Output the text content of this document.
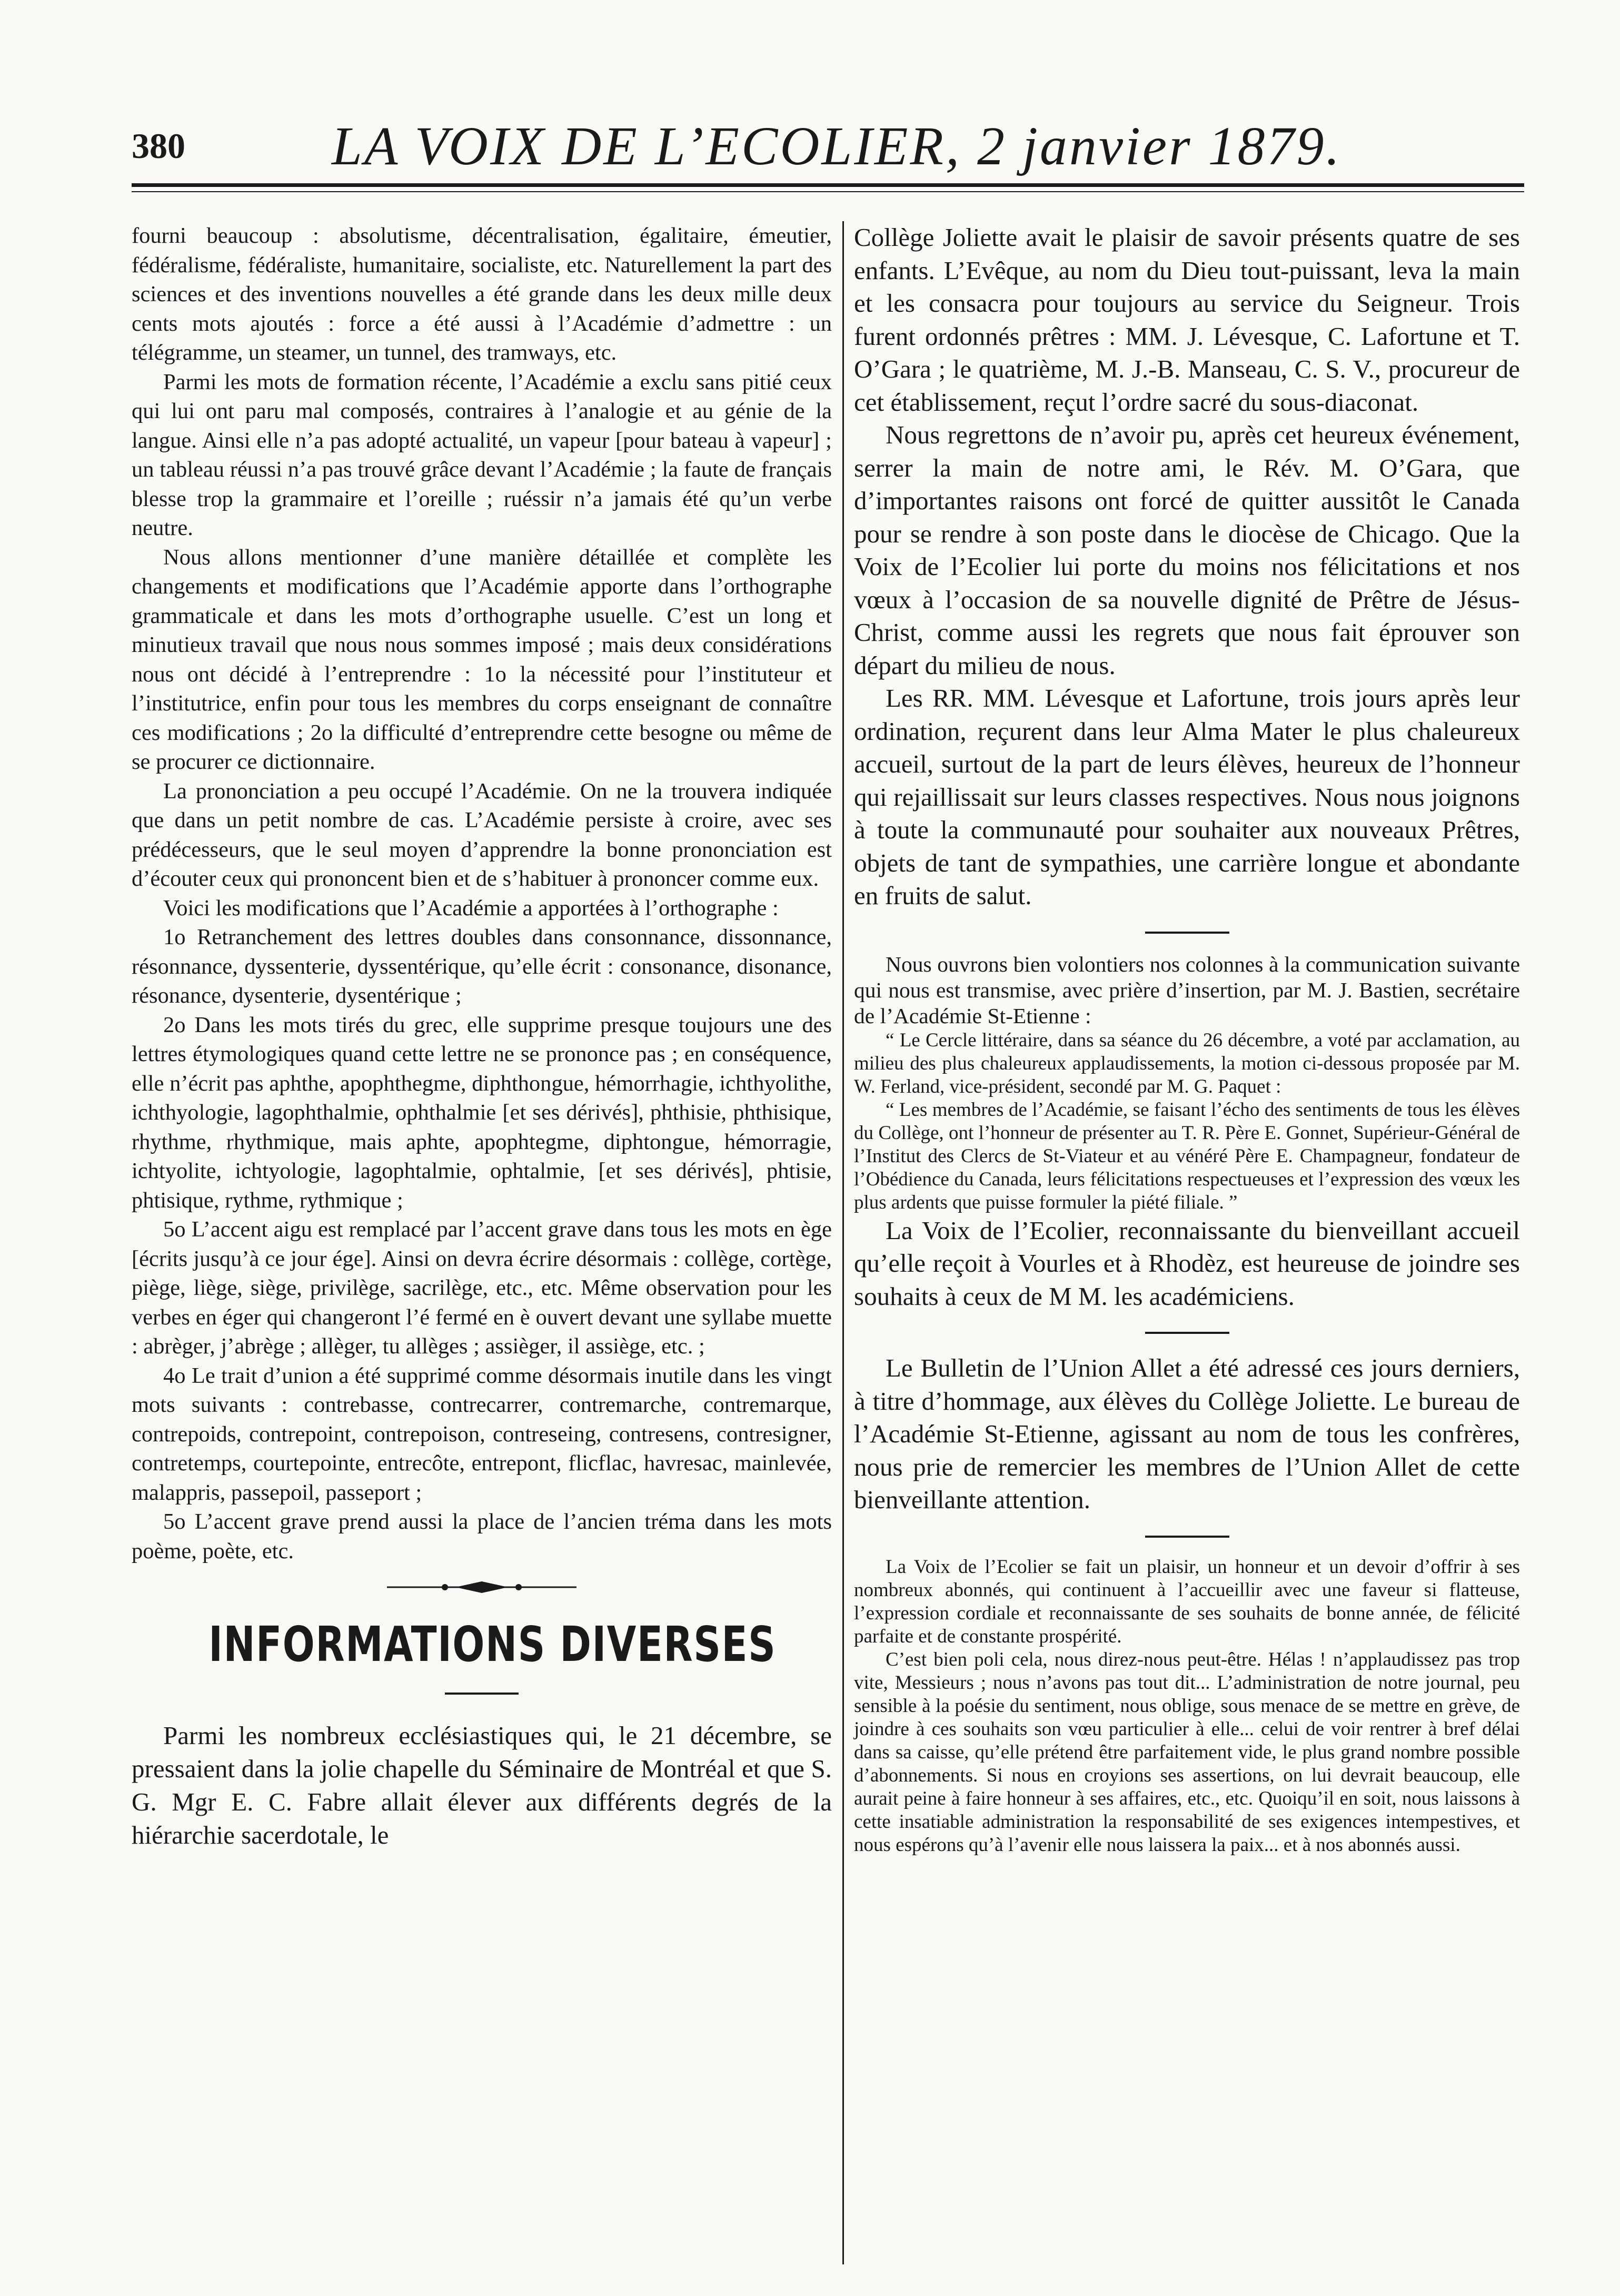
380	LA VOIX DE L’ECOLIER, 2 janvier 1879.

fourni beaucoup : absolutisme, décentralisation, égalitaire, émeutier, fédéralisme, fédéraliste, humanitaire, socialiste, etc. Naturellement la part des sciences et des inventions nouvelles a été grande dans les deux mille deux cents mots ajoutés : force a été aussi à l’Académie d’admettre : un télégramme, un steamer, un tunnel, des tramways, etc.

Parmi les mots de formation récente, l’Académie a exclu sans pitié ceux qui lui ont paru mal composés, contraires à l’analogie et au génie de la langue. Ainsi elle n’a pas adopté actualité, un vapeur [pour bateau à vapeur] ; un tableau réussi n’a pas trouvé grâce devant l’Académie ; la faute de français blesse trop la grammaire et l’oreille ; ruéssir n’a jamais été qu’un verbe neutre.

Nous allons mentionner d’une manière détaillée et complète les changements et modifications que l’Académie apporte dans l’orthographe grammaticale et dans les mots d’orthographe usuelle. C’est un long et minutieux travail que nous nous sommes imposé ; mais deux considérations nous ont décidé à l’entreprendre : 1o la nécessité pour l’instituteur et l’institutrice, enfin pour tous les membres du corps enseignant de connaître ces modifications ; 2o la difficulté d’entreprendre cette besogne ou même de se procurer ce dictionnaire.

La prononciation a peu occupé l’Académie. On ne la trouvera indiquée que dans un petit nombre de cas. L’Académie persiste à croire, avec ses prédécesseurs, que le seul moyen d’apprendre la bonne prononciation est d’écouter ceux qui prononcent bien et de s’habituer à prononcer comme eux.

Voici les modifications que l’Académie a apportées à l’orthographe :

1o Retranchement des lettres doubles dans consonnance, dissonnance, résonnance, dyssenterie, dyssentérique, qu’elle écrit : consonance, disonance, résonance, dysenterie, dysentérique ;

2o Dans les mots tirés du grec, elle supprime presque toujours une des lettres étymologiques quand cette lettre ne se prononce pas ; en conséquence, elle n’écrit pas aphthe, apophthegme, diphthongue, hémorrhagie, ichthyolithe, ichthyologie, lagophthalmie, ophthalmie [et ses dérivés], phthisie, phthisique, rhythme, rhythmique, mais aphte, apophtegme, diphtongue, hémorragie, ichtyolite, ichtyologie, lagophtalmie, ophtalmie, [et ses dérivés], phtisie, phtisique, rythme, rythmique ;

5o L’accent aigu est remplacé par l’accent grave dans tous les mots en ège [écrits jusqu’à ce jour ége]. Ainsi on devra écrire désormais : collège, cortège, piège, liège, siège, privilège, sacrilège, etc., etc. Même observation pour les verbes en éger qui changeront l’é fermé en è ouvert devant une syllabe muette : abrèger, j’abrège ; allèger, tu allèges ; assièger, il assiège, etc. ;

4o Le trait d’union a été supprimé comme désormais inutile dans les vingt mots suivants : contrebasse, contrecarrer, contremarche, contremarque, contrepoids, contrepoint, contrepoison, contreseing, contresens, contresigner, contretemps, courtepointe, entrecôte, entrepont, flicflac, havresac, mainlevée, malappris, passepoil, passeport ;

5o L’accent grave prend aussi la place de l’ancien tréma dans les mots poème, poète, etc.

INFORMATIONS DIVERSES

Parmi les nombreux ecclésiastiques qui, le 21 décembre, se pressaient dans la jolie chapelle du Séminaire de Montréal et que S. G. Mgr E. C. Fabre allait élever aux différents degrés de la hiérarchie sacerdotale, le

Collège Joliette avait le plaisir de savoir présents quatre de ses enfants. L’Evêque, au nom du Dieu tout-puissant, leva la main et les consacra pour toujours au service du Seigneur. Trois furent ordonnés prêtres : MM. J. Lévesque, C. Lafortune et T. O’Gara ; le quatrième, M. J.-B. Manseau, C. S. V., procureur de cet établissement, reçut l’ordre sacré du sous-diaconat.

Nous regrettons de n’avoir pu, après cet heureux événement, serrer la main de notre ami, le Rév. M. O’Gara, que d’importantes raisons ont forcé de quitter aussitôt le Canada pour se rendre à son poste dans le diocèse de Chicago. Que la Voix de l’Ecolier lui porte du moins nos félicitations et nos vœux à l’occasion de sa nouvelle dignité de Prêtre de Jésus-Christ, comme aussi les regrets que nous fait éprouver son départ du milieu de nous.

Les RR. MM. Lévesque et Lafortune, trois jours après leur ordination, reçurent dans leur Alma Mater le plus chaleureux accueil, surtout de la part de leurs élèves, heureux de l’honneur qui rejaillissait sur leurs classes respectives. Nous nous joignons à toute la communauté pour souhaiter aux nouveaux Prêtres, objets de tant de sympathies, une carrière longue et abondante en fruits de salut.

Nous ouvrons bien volontiers nos colonnes à la communication suivante qui nous est transmise, avec prière d’insertion, par M. J. Bastien, secrétaire de l’Académie St-Etienne :

“ Le Cercle littéraire, dans sa séance du 26 décembre, a voté par acclamation, au milieu des plus chaleureux applaudissements, la motion ci-dessous proposée par M. W. Ferland, vice-président, secondé par M. G. Paquet :

“ Les membres de l’Académie, se faisant l’écho des sentiments de tous les élèves du Collège, ont l’honneur de présenter au T. R. Père E. Gonnet, Supérieur-Général de l’Institut des Clercs de St-Viateur et au vénéré Père E. Champagneur, fondateur de l’Obédience du Canada, leurs félicitations respectueuses et l’expression des vœux les plus ardents que puisse formuler la piété filiale. ”

La Voix de l’Ecolier, reconnaissante du bienveillant accueil qu’elle reçoit à Vourles et à Rhodèz, est heureuse de joindre ses souhaits à ceux de M M. les académiciens.

Le Bulletin de l’Union Allet a été adressé ces jours derniers, à titre d’hommage, aux élèves du Collège Joliette. Le bureau de l’Académie St-Etienne, agissant au nom de tous les confrères, nous prie de remercier les membres de l’Union Allet de cette bienveillante attention.

La Voix de l’Ecolier se fait un plaisir, un honneur et un devoir d’offrir à ses nombreux abonnés, qui continuent à l’accueillir avec une faveur si flatteuse, l’expression cordiale et reconnaissante de ses souhaits de bonne année, de félicité parfaite et de constante prospérité.

C’est bien poli cela, nous direz-nous peut-être. Hélas ! n’applaudissez pas trop vite, Messieurs ; nous n’avons pas tout dit... L’administration de notre journal, peu sensible à la poésie du sentiment, nous oblige, sous menace de se mettre en grève, de joindre à ces souhaits son vœu particulier à elle... celui de voir rentrer à bref délai dans sa caisse, qu’elle prétend être parfaitement vide, le plus grand nombre possible d’abonnements. Si nous en croyions ses assertions, on lui devrait beaucoup, elle aurait peine à faire honneur à ses affaires, etc., etc. Quoiqu’il en soit, nous laissons à cette insatiable administration la responsabilité de ses exigences intempestives, et nous espérons qu’à l’avenir elle nous laissera la paix... et à nos abonnés aussi.
